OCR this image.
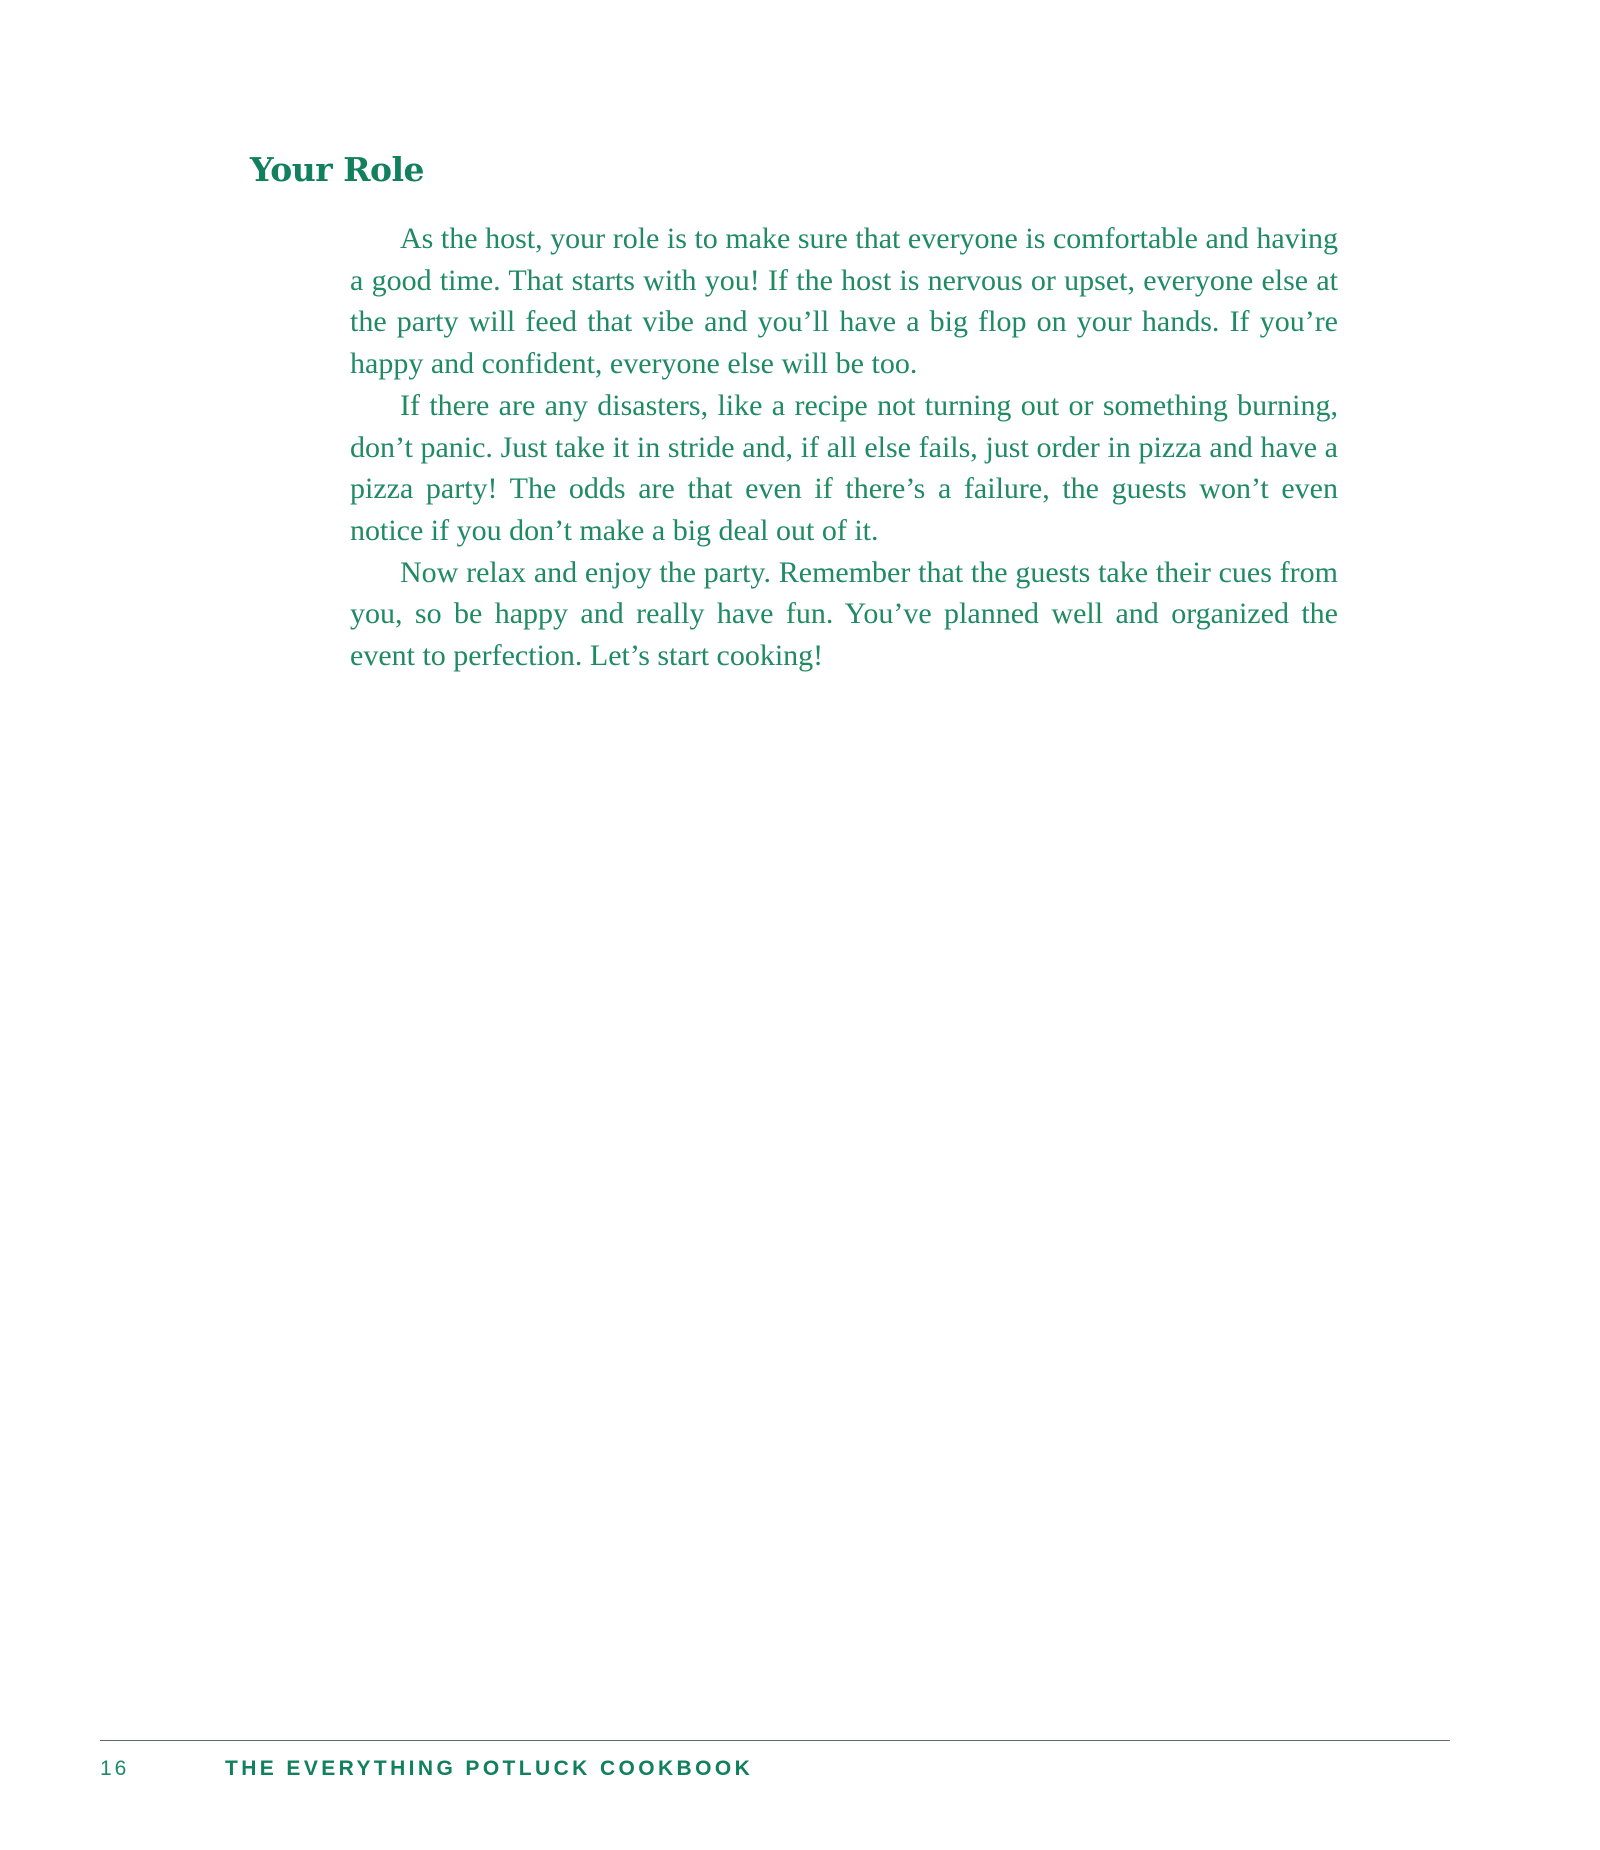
Your Role

As the host, your role is to make sure that everyone is comfortable and having a good time. That starts with you! If the host is nervous or upset, everyone else at the party will feed that vibe and you’ll have a big flop on your hands. If you’re happy and confident, everyone else will be too.

If there are any disasters, like a recipe not turning out or something burning, don’t panic. Just take it in stride and, if all else fails, just order in pizza and have a pizza party! The odds are that even if there’s a failure, the guests won’t even notice if you don’t make a big deal out of it.

Now relax and enjoy the party. Remember that the guests take their cues from you, so be happy and really have fun. You’ve planned well and organized the event to perfection. Let’s start cooking!

16	THE EVERYTHING POTLUCK COOKBOOK
